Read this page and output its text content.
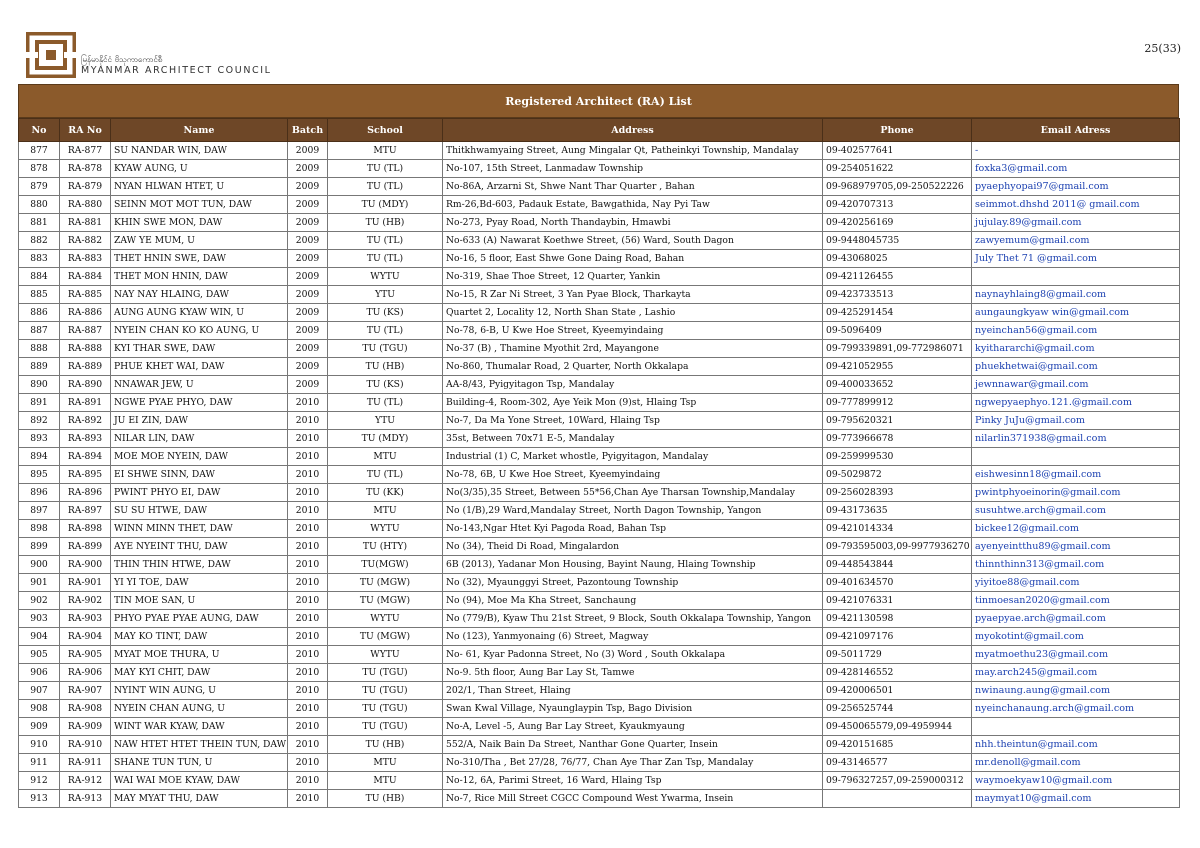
မြန်မာနိုင်ငံ ဗိသုကာကောင်စီ
MYANMAR ARCHITECT COUNCIL
25(33)
Registered Architect (RA) List
No	RA No	Name	Batch	School	Address	Phone	Email Adress
877	RA-877	SU NANDAR WIN, DAW	2009	MTU	Thitkhwamyaing Street, Aung Mingalar Qt, Patheinkyi Township, Mandalay	09-402577641	-
878	RA-878	KYAW AUNG, U	2009	TU (TL)	No-107, 15th Street, Lanmadaw Township	09-254051622	foxka3@gmail.com
879	RA-879	NYAN HLWAN HTET, U	2009	TU (TL)	No-86A, Arzarni St, Shwe Nant Thar Quarter , Bahan	09-968979705,09-250522226	pyaephyopai97@gmail.com
880	RA-880	SEINN MOT MOT TUN, DAW	2009	TU (MDY)	Rm-26,Bd-603, Padauk Estate, Bawgathida, Nay Pyi Taw	09-420707313	seimmot.dhshd 2011@ gmail.com
881	RA-881	KHIN SWE MON, DAW	2009	TU (HB)	No-273, Pyay Road, North Thandaybin, Hmawbi	09-420256169	jujulay.89@gmail.com
882	RA-882	ZAW YE MUM, U	2009	TU (TL)	No-633 (A) Nawarat Koethwe Street, (56) Ward, South Dagon	09-9448045735	zawyemum@gmail.com
883	RA-883	THET HNIN SWE, DAW	2009	TU (TL)	No-16, 5 floor, East Shwe Gone Daing Road, Bahan	09-43068025	July Thet 71 @gmail.com
884	RA-884	THET MON HNIN, DAW	2009	WYTU	No-319, Shae Thoe Street, 12 Quarter, Yankin	09-421126455	
885	RA-885	NAY NAY HLAING, DAW	2009	YTU	No-15, R Zar Ni Street, 3 Yan Pyae Block, Tharkayta	09-423733513	naynayhlaing8@gmail.com
886	RA-886	AUNG AUNG KYAW WIN, U	2009	TU (KS)	Quartet 2, Locality 12, North Shan State , Lashio	09-425291454	aungaungkyaw win@gmail.com
887	RA-887	NYEIN CHAN KO KO AUNG, U	2009	TU (TL)	No-78, 6-B, U Kwe Hoe Street, Kyeemyindaing	09-5096409	nyeinchan56@gmail.com
888	RA-888	KYI THAR SWE, DAW	2009	TU (TGU)	No-37 (B) , Thamine Myothit 2rd, Mayangone	09-799339891,09-772986071	kyithararchi@gmail.com
889	RA-889	PHUE KHET WAI, DAW	2009	TU (HB)	No-860, Thumalar Road, 2 Quarter, North Okkalapa	09-421052955	phuekhetwai@gmail.com
890	RA-890	NNAWAR JEW, U	2009	TU (KS)	AA-8/43, Pyigyitagon Tsp, Mandalay	09-400033652	jewnnawar@gmail.com
891	RA-891	NGWE PYAE PHYO, DAW	2010	TU (TL)	Building-4, Room-302, Aye Yeik Mon (9)st, Hlaing Tsp	09-777899912	ngwepyaephyo.121.@gmail.com
892	RA-892	JU EI ZIN, DAW	2010	YTU	No-7, Da Ma Yone Street, 10Ward, Hlaing Tsp	09-795620321	Pinky JuJu@gmail.com
893	RA-893	NILAR LIN, DAW	2010	TU (MDY)	35st, Between 70x71 E-5, Mandalay	09-773966678	nilarlin371938@gmail.com
894	RA-894	MOE MOE NYEIN, DAW	2010	MTU	Industrial (1) C, Market whostle, Pyigyitagon, Mandalay	09-259999530	
895	RA-895	EI SHWE SINN, DAW	2010	TU (TL)	No-78, 6B, U Kwe Hoe Street, Kyeemyindaing	09-5029872	eishwesinn18@gmail.com
896	RA-896	PWINT PHYO EI, DAW	2010	TU (KK)	No(3/35),35 Street, Between 55*56,Chan Aye Tharsan Township,Mandalay	09-256028393	pwintphyoeinorin@gmail.com
897	RA-897	SU SU HTWE, DAW	2010	MTU	No (1/B),29 Ward,Mandalay Street, North Dagon Township, Yangon	09-43173635	susuhtwe.arch@gmail.com
898	RA-898	WINN MINN THET, DAW	2010	WYTU	No-143,Ngar Htet Kyi Pagoda Road, Bahan Tsp	09-421014334	bickee12@gmail.com
899	RA-899	AYE NYEINT THU, DAW	2010	TU (HTY)	No (34), Theid Di Road, Mingalardon	09-793595003,09-9977936270	ayenyeintthu89@gmail.com
900	RA-900	THIN THIN HTWE, DAW	2010	TU(MGW)	6B (2013), Yadanar Mon Housing, Bayint Naung, Hlaing Township	09-448543844	thinnthinn313@gmail.com
901	RA-901	YI YI TOE, DAW	2010	TU (MGW)	No (32), Myaunggyi Street, Pazontoung Township	09-401634570	yiyitoe88@gmail.com
902	RA-902	TIN MOE SAN, U	2010	TU (MGW)	No (94), Moe Ma Kha Street, Sanchaung	09-421076331	tinmoesan2020@gmail.com
903	RA-903	PHYO PYAE PYAE AUNG, DAW	2010	WYTU	No (779/B), Kyaw Thu 21st Street, 9 Block, South Okkalapa Township, Yangon	09-421130598	pyaepyae.arch@gmail.com
904	RA-904	MAY KO TINT, DAW	2010	TU (MGW)	No (123), Yanmyonaing (6) Street, Magway	09-421097176	myokotint@gmail.com
905	RA-905	MYAT MOE THURA, U	2010	WYTU	No- 61, Kyar Padonna Street, No (3) Word , South Okkalapa	09-5011729	myatmoethu23@gmail.com
906	RA-906	MAY KYI CHIT, DAW	2010	TU (TGU)	No-9. 5th floor, Aung Bar Lay St, Tamwe	09-428146552	may.arch245@gmail.com
907	RA-907	NYINT WIN AUNG, U	2010	TU (TGU)	202/1, Than Street, Hlaing	09-420006501	nwinaung.aung@gmail.com
908	RA-908	NYEIN CHAN AUNG, U	2010	TU (TGU)	Swan Kwal Village, Nyaunglaypin Tsp, Bago Division	09-256525744	nyeinchanaung.arch@gmail.com
909	RA-909	WINT WAR KYAW, DAW	2010	TU (TGU)	No-A, Level -5, Aung Bar Lay Street, Kyaukmyaung	09-450065579,09-4959944	
910	RA-910	NAW HTET HTET THEIN TUN, DAW	2010	TU (HB)	552/A, Naik Bain Da Street, Nanthar Gone Quarter, Insein	09-420151685	nhh.theintun@gmail.com
911	RA-911	SHANE TUN TUN, U	2010	MTU	No-310/Tha , Bet 27/28, 76/77, Chan Aye Thar Zan Tsp, Mandalay	09-43146577	mr.denoll@gmail.com
912	RA-912	WAI WAI MOE KYAW, DAW	2010	MTU	No-12, 6A, Parimi Street, 16 Ward, Hlaing Tsp	09-796327257,09-259000312	waymoekyaw10@gmail.com
913	RA-913	MAY MYAT THU, DAW	2010	TU (HB)	No-7, Rice Mill Street CGCC Compound West Ywarma, Insein		maymyat10@gmail.com
